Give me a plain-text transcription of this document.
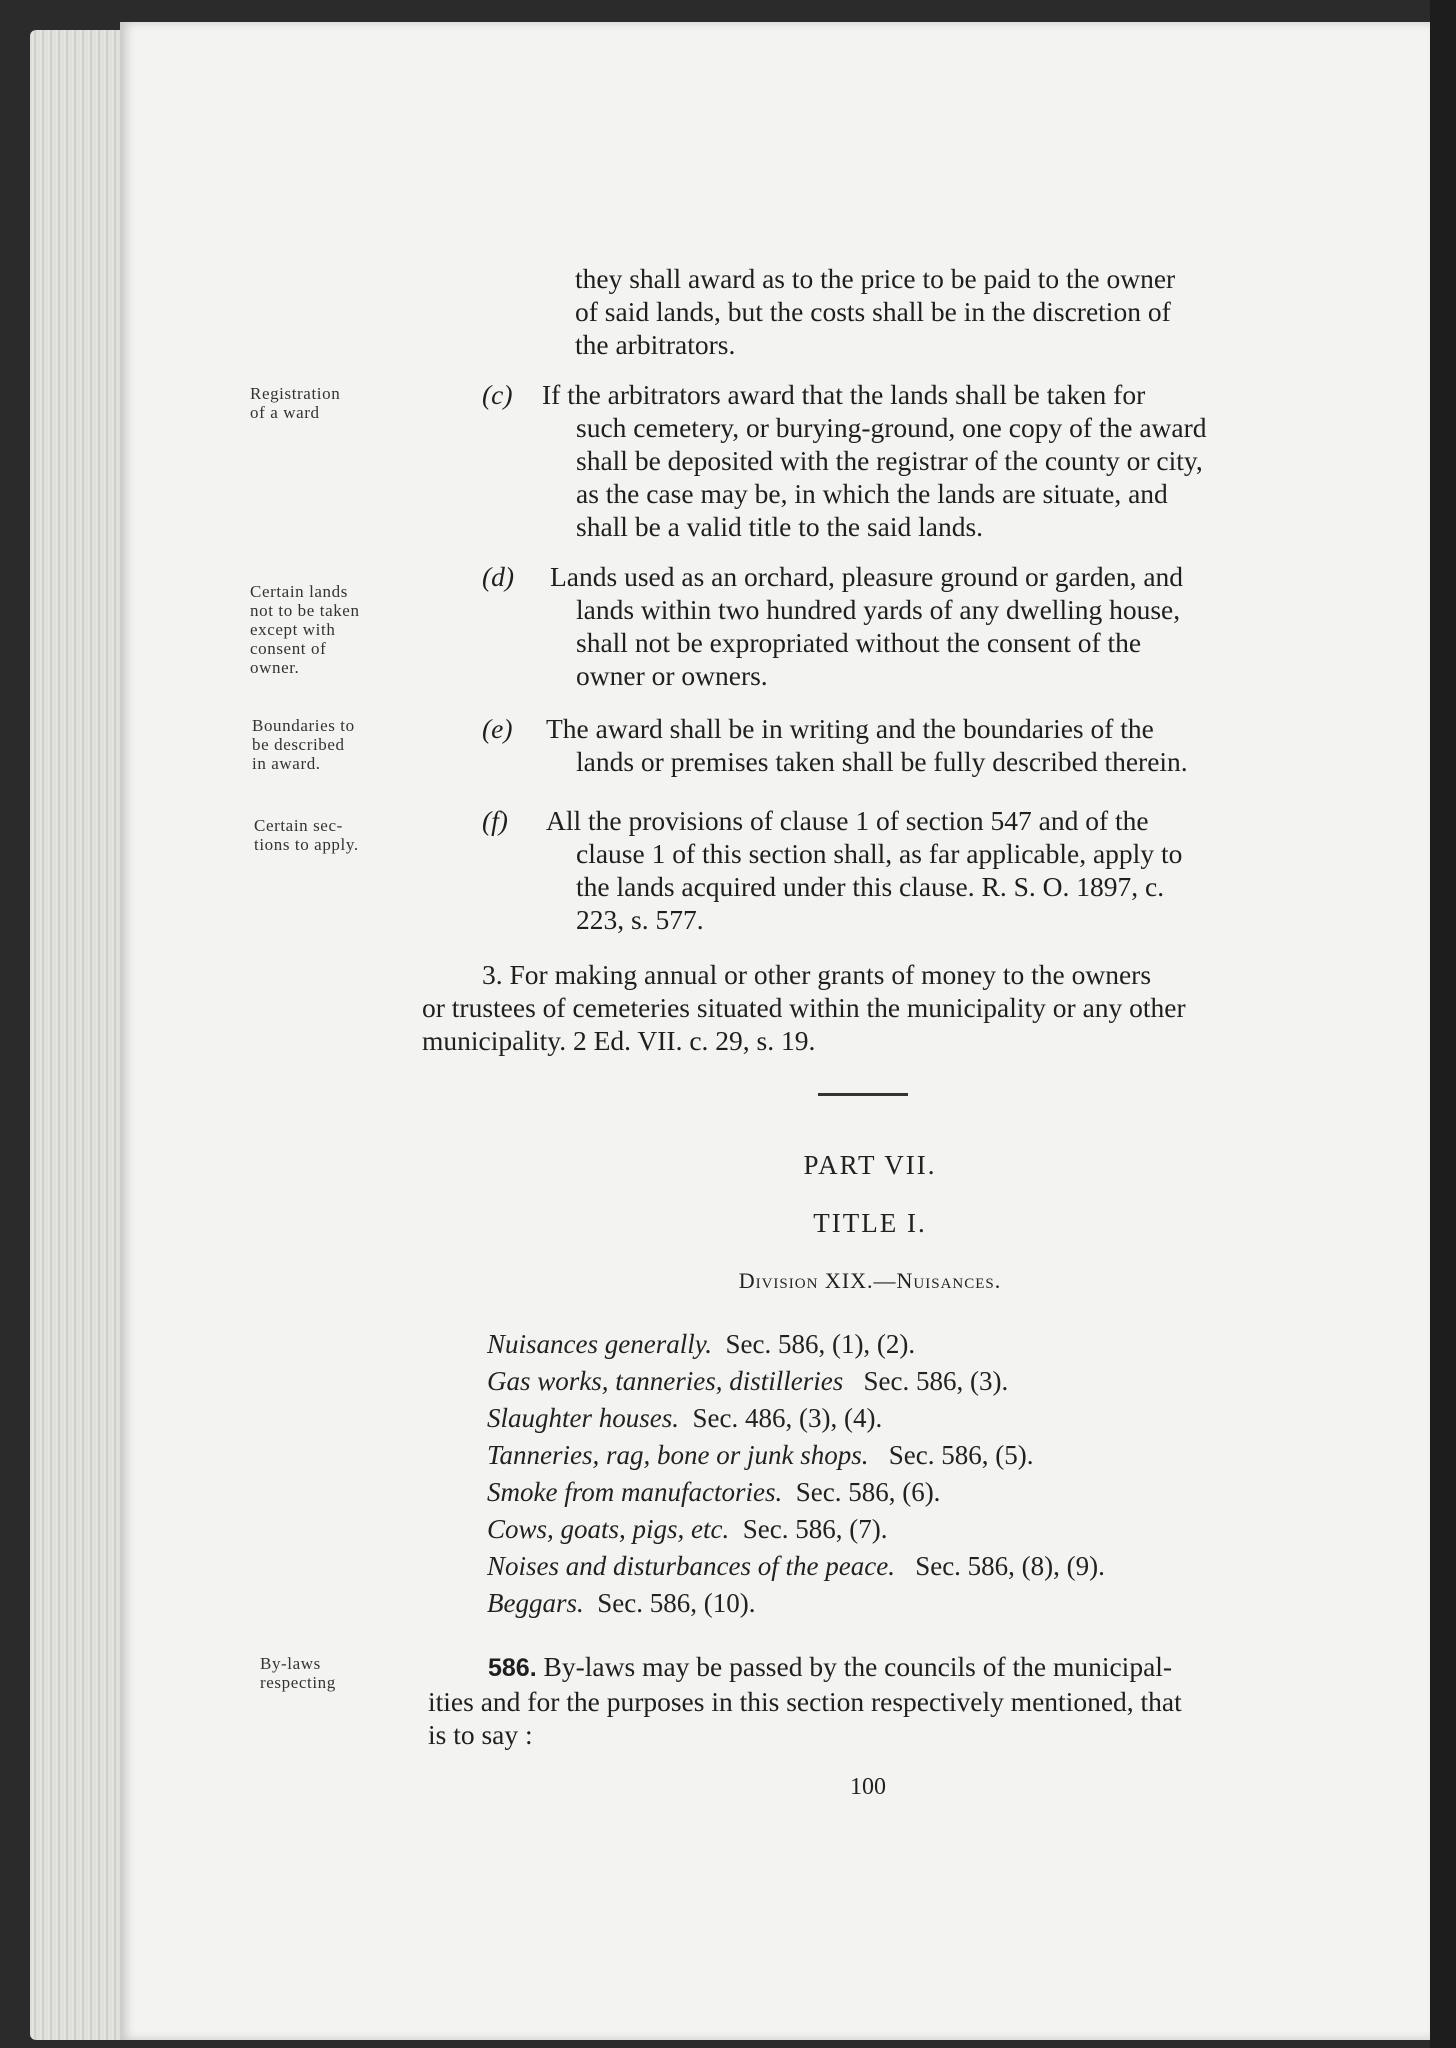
they shall award as to the price to be paid to the owner
of said lands, but the costs shall be in the discretion of
the arbitrators.
Registration
of a ward
Certain lands
not to be taken
except with
consent of
owner.
Boundaries to
be described
in award.
Certain sec-
tions to apply.
By-laws
respecting
(c)	If the arbitrators award that the lands shall be taken for
such cemetery, or burying-ground, one copy of the award
shall be deposited with the registrar of the county or city,
as the case may be, in which the lands are situate, and
shall be a valid title to the said lands.
(d)	Lands used as an orchard, pleasure ground or garden, and
lands within two hundred yards of any dwelling house,
shall not be expropriated without the consent of the
owner or owners.
(e)	The award shall be in writing and the boundaries of the
lands or premises taken shall be fully described therein.
(f)	All the provisions of clause 1 of section 547 and of the
clause 1 of this section shall, as far applicable, apply to
the lands acquired under this clause. R. S. O. 1897, c.
223, s. 577.
3. For making annual or other grants of money to the owners
or trustees of cemeteries situated within the municipality or any other
municipality. 2 Ed. VII. c. 29, s. 19.
PART VII.
TITLE I.
Division XIX.—Nuisances.
Nuisances generally. Sec. 586, (1), (2).
Gas works, tanneries, distilleries Sec. 586, (3).
Slaughter houses. Sec. 486, (3), (4).
Tanneries, rag, bone or junk shops. Sec. 586, (5).
Smoke from manufactories. Sec. 586, (6).
Cows, goats, pigs, etc. Sec. 586, (7).
Noises and disturbances of the peace. Sec. 586, (8), (9).
Beggars. Sec. 586, (10).
586. By-laws may be passed by the councils of the municipal-
ities and for the purposes in this section respectively mentioned, that
is to say :
100
